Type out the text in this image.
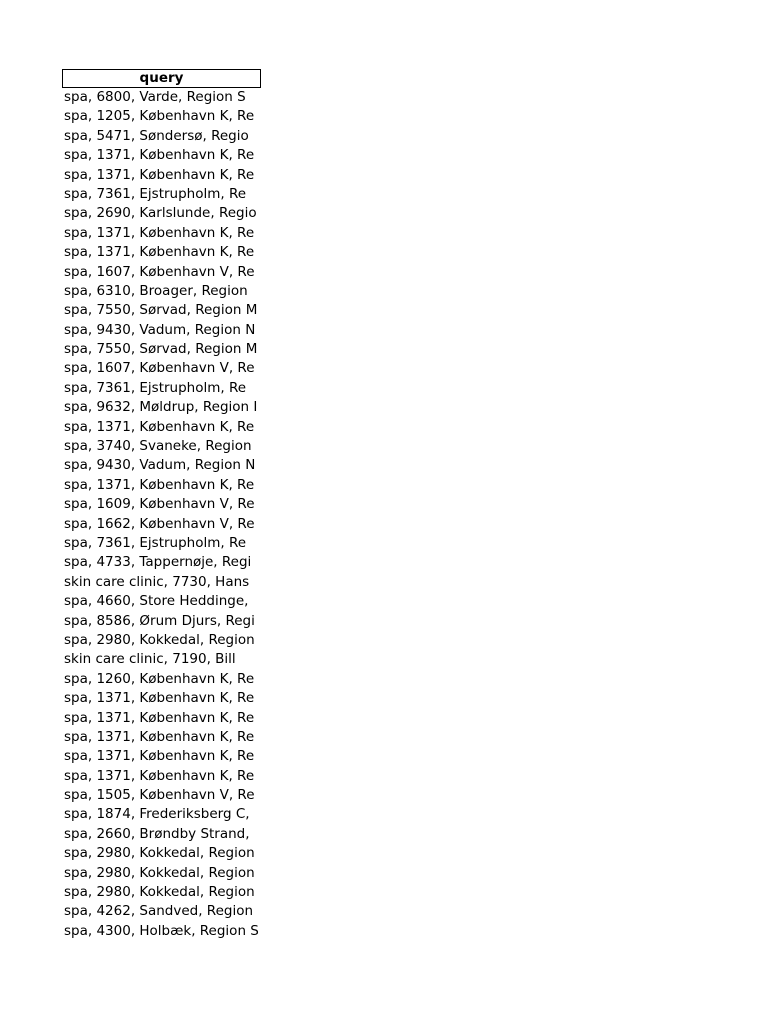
query
spa, 6800, Varde, Region S
spa, 1205, København K, Re
spa, 5471, Søndersø, Regio
spa, 1371, København K, Re
spa, 1371, København K, Re
spa, 7361, Ejstrupholm, Re
spa, 2690, Karlslunde, Regio
spa, 1371, København K, Re
spa, 1371, København K, Re
spa, 1607, København V, Re
spa, 6310, Broager, Region
spa, 7550, Sørvad, Region M
spa, 9430, Vadum, Region N
spa, 7550, Sørvad, Region M
spa, 1607, København V, Re
spa, 7361, Ejstrupholm, Re
spa, 9632, Møldrup, Region I
spa, 1371, København K, Re
spa, 3740, Svaneke, Region
spa, 9430, Vadum, Region N
spa, 1371, København K, Re
spa, 1609, København V, Re
spa, 1662, København V, Re
spa, 7361, Ejstrupholm, Re
spa, 4733, Tappernøje, Regi
skin care clinic, 7730, Hans
spa, 4660, Store Heddinge,
spa, 8586, Ørum Djurs, Regi
spa, 2980, Kokkedal, Region
skin care clinic, 7190, Bill
spa, 1260, København K, Re
spa, 1371, København K, Re
spa, 1371, København K, Re
spa, 1371, København K, Re
spa, 1371, København K, Re
spa, 1371, København K, Re
spa, 1505, København V, Re
spa, 1874, Frederiksberg C,
spa, 2660, Brøndby Strand,
spa, 2980, Kokkedal, Region
spa, 2980, Kokkedal, Region
spa, 2980, Kokkedal, Region
spa, 4262, Sandved, Region
spa, 4300, Holbæk, Region S
